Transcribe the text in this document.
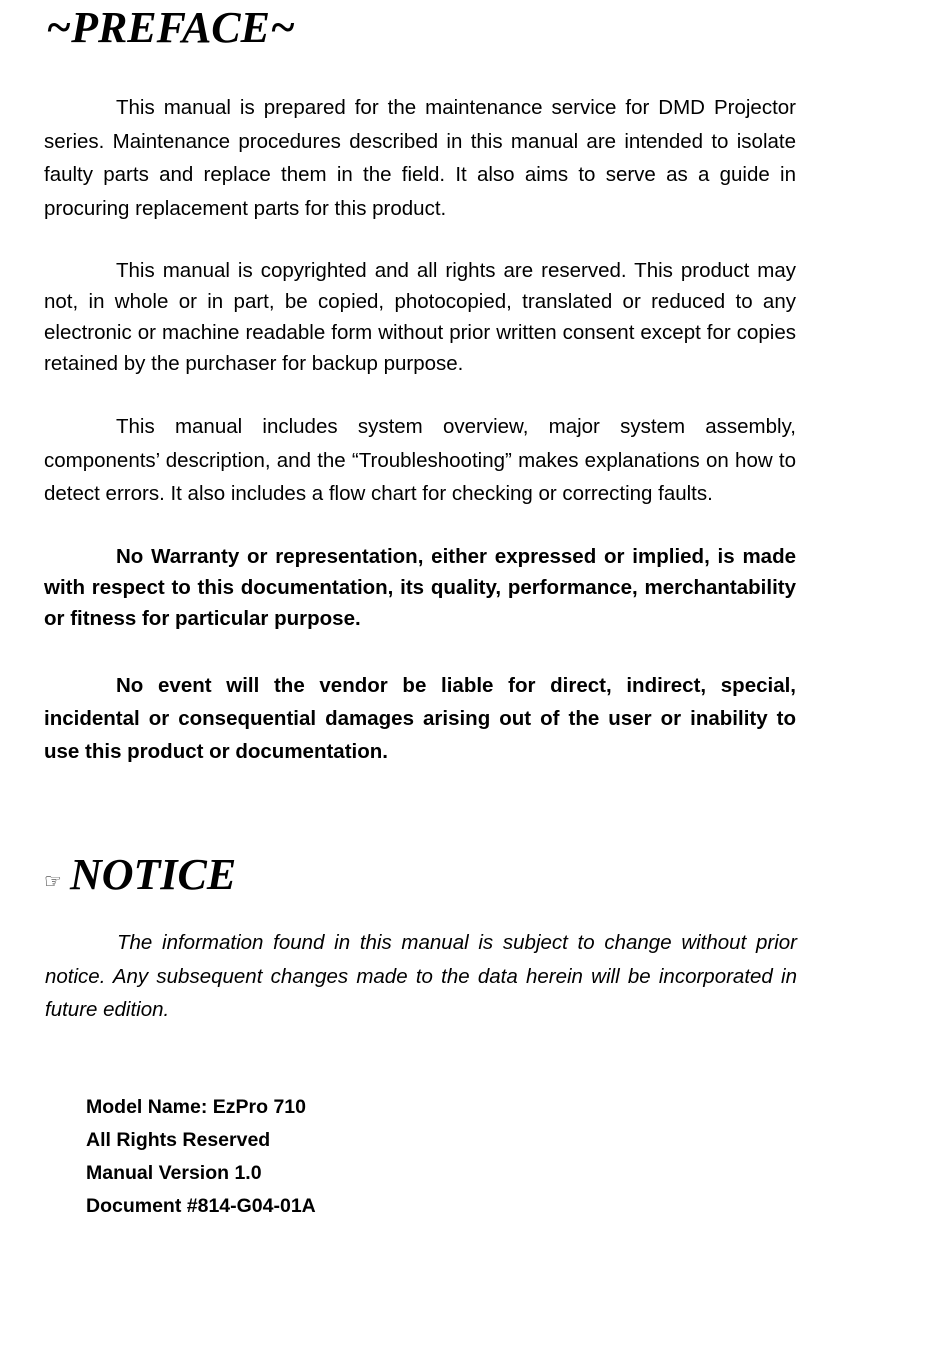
~PREFACE~

This manual is prepared for the maintenance service for DMD Projector series. Maintenance procedures described in this manual are intended to isolate faulty parts and replace them in the field. It also aims to serve as a guide in procuring replacement parts for this product.

This manual is copyrighted and all rights are reserved. This product may not, in whole or in part, be copied, photocopied, translated or reduced to any electronic or machine readable form without prior written consent except for copies retained by the purchaser for backup purpose.

This manual includes system overview, major system assembly, components’ description, and the “Troubleshooting” makes explanations on how to detect errors. It also includes a flow chart for checking or correcting faults.

No Warranty or representation, either expressed or implied, is made with respect to this documentation, its quality, performance, merchantability or fitness for particular purpose.

No event will the vendor be liable for direct, indirect, special, incidental or consequential damages arising out of the user or inability to use this product or documentation.

☞ NOTICE

The information found in this manual is subject to change without prior notice. Any subsequent changes made to the data herein will be incorporated in future edition.

Model Name: EzPro 710
All Rights Reserved
Manual Version 1.0
Document #814-G04-01A
